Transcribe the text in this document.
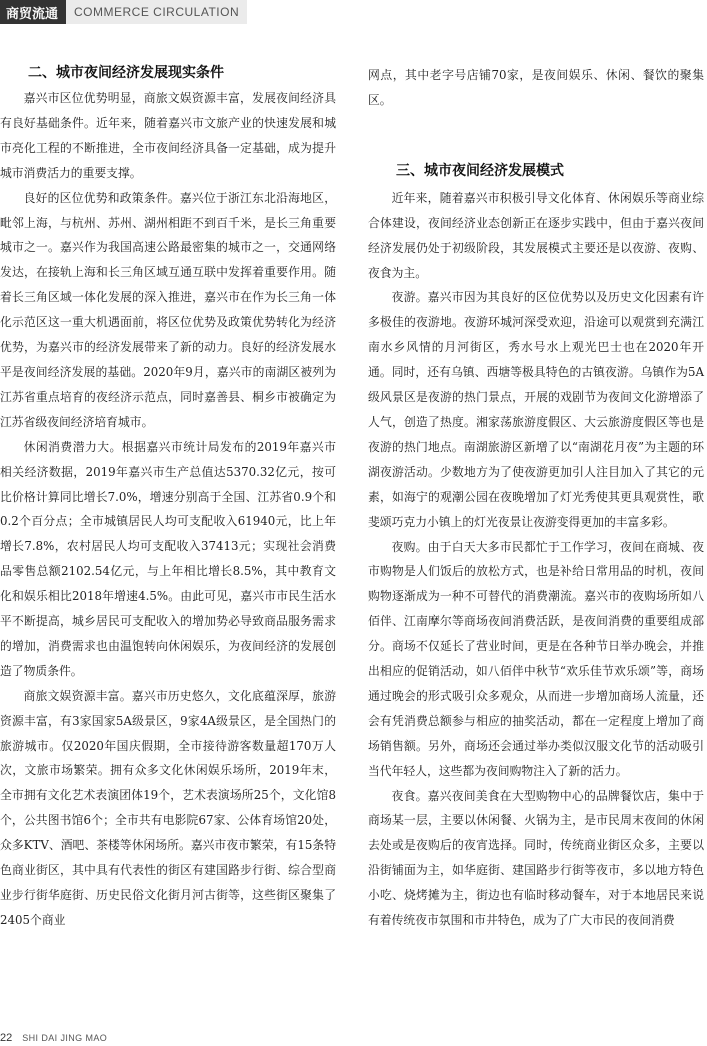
商贸流通	COMMERCE CIRCULATION
二、城市夜间经济发展现实条件

嘉兴市区位优势明显，商旅文娱资源丰富，发展夜间经济具有良好基础条件。近年来，随着嘉兴市文旅产业的快速发展和城市亮化工程的不断推进，全市夜间经济具备一定基础，成为提升城市消费活力的重要支撑。

良好的区位优势和政策条件。嘉兴位于浙江东北沿海地区，毗邻上海，与杭州、苏州、湖州相距不到百千米，是长三角重要城市之一。嘉兴作为我国高速公路最密集的城市之一，交通网络发达，在接轨上海和长三角区域互通互联中发挥着重要作用。随着长三角区域一体化发展的深入推进，嘉兴市在作为长三角一体化示范区这一重大机遇面前，将区位优势及政策优势转化为经济优势，为嘉兴市的经济发展带来了新的动力。良好的经济发展水平是夜间经济发展的基础。2020年9月，嘉兴市的南湖区被列为江苏省重点培育的夜经济示范点，同时嘉善县、桐乡市被确定为江苏省级夜间经济培育城市。

休闲消费潜力大。根据嘉兴市统计局发布的2019年嘉兴市相关经济数据，2019年嘉兴市生产总值达5370.32亿元，按可比价格计算同比增长7.0%，增速分别高于全国、江苏省0.9个和0.2个百分点；全市城镇居民人均可支配收入61940元，比上年增长7.8%，农村居民人均可支配收入37413元；实现社会消费品零售总额2102.54亿元，与上年相比增长8.5%，其中教育文化和娱乐相比2018年增速4.5%。由此可见，嘉兴市市民生活水平不断提高，城乡居民可支配收入的增加势必导致商品服务需求的增加，消费需求也由温饱转向休闲娱乐，为夜间经济的发展创造了物质条件。

商旅文娱资源丰富。嘉兴市历史悠久，文化底蕴深厚，旅游资源丰富，有3家国家5A级景区，9家4A级景区，是全国热门的旅游城市。仅2020年国庆假期，全市接待游客数量超170万人次，文旅市场繁荣。拥有众多文化休闲娱乐场所，2019年末，全市拥有文化艺术表演团体19个，艺术表演场所25个，文化馆8个，公共图书馆6个；全市共有电影院67家、公体育场馆20处，众多KTV、酒吧、茶楼等休闲场所。嘉兴市夜市繁荣，有15条特色商业街区，其中具有代表性的街区有建国路步行街、综合型商业步行街华庭街、历史民俗文化街月河古街等，这些街区聚集了2405个商业

网点，其中老字号店铺70家，是夜间娱乐、休闲、餐饮的聚集区。

三、城市夜间经济发展模式

近年来，随着嘉兴市积极引导文化体育、休闲娱乐等商业综合体建设，夜间经济业态创新正在逐步实践中，但由于嘉兴夜间经济发展仍处于初级阶段，其发展模式主要还是以夜游、夜购、夜食为主。

夜游。嘉兴市因为其良好的区位优势以及历史文化因素有许多极佳的夜游地。夜游环城河深受欢迎，沿途可以观赏到充满江南水乡风情的月河街区，秀水号水上观光巴士也在2020年开通。同时，还有乌镇、西塘等极具特色的古镇夜游。乌镇作为5A级风景区是夜游的热门景点，开展的戏剧节为夜间文化游增添了人气，创造了热度。湘家荡旅游度假区、大云旅游度假区等也是夜游的热门地点。南湖旅游区新增了以“南湖花月夜”为主题的环湖夜游活动。少数地方为了使夜游更加引人注目加入了其它的元素，如海宁的观潮公园在夜晚增加了灯光秀使其更具观赏性，歌斐颂巧克力小镇上的灯光夜景让夜游变得更加的丰富多彩。

夜购。由于白天大多市民都忙于工作学习，夜间在商城、夜市购物是人们饭后的放松方式，也是补给日常用品的时机，夜间购物逐渐成为一种不可替代的消费潮流。嘉兴市的夜购场所如八佰伴、江南摩尔等商场夜间消费活跃，是夜间消费的重要组成部分。商场不仅延长了营业时间，更是在各种节日举办晚会，并推出相应的促销活动，如八佰伴中秋节“欢乐佳节欢乐颂”等，商场通过晚会的形式吸引众多观众，从而进一步增加商场人流量，还会有凭消费总额参与相应的抽奖活动，都在一定程度上增加了商场销售额。另外，商场还会通过举办类似汉服文化节的活动吸引当代年轻人，这些都为夜间购物注入了新的活力。

夜食。嘉兴夜间美食在大型购物中心的品牌餐饮店，集中于商场某一层，主要以休闲餐、火锅为主，是市民周末夜间的休闲去处或是夜购后的夜宵选择。同时，传统商业街区众多，主要以沿街铺面为主，如华庭街、建国路步行街等夜市，多以地方特色小吃、烧烤摊为主，街边也有临时移动餐车，对于本地居民来说有着传统夜市氛围和市井特色，成为了广大市民的夜间消费

22 SHI DAI JING MAO
